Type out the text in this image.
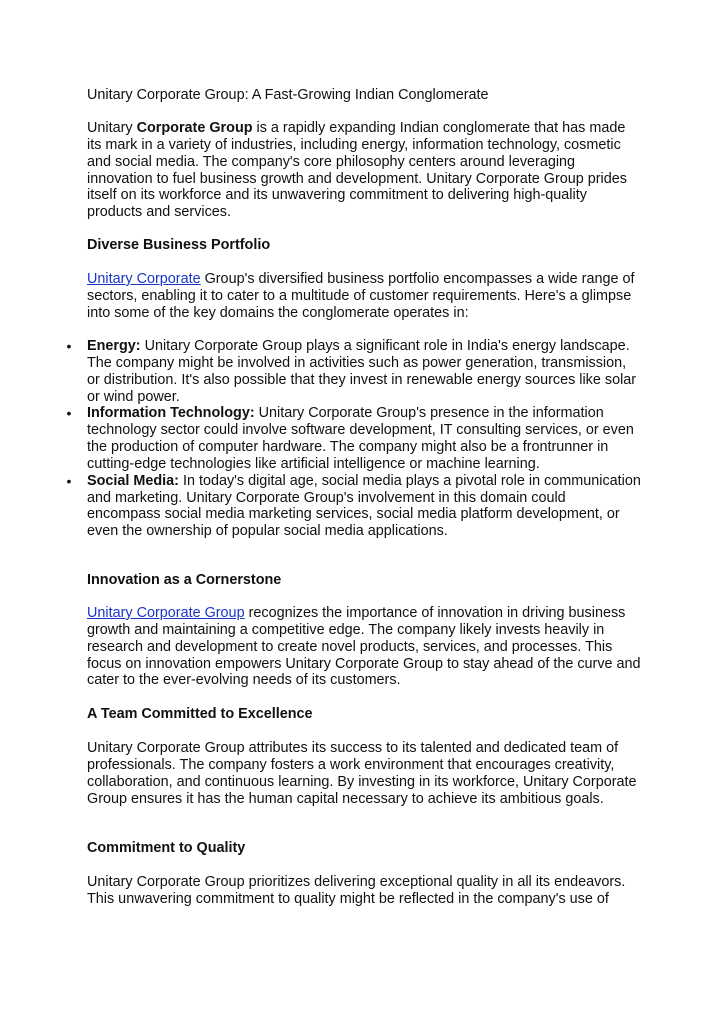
Unitary Corporate Group: A Fast-Growing Indian Conglomerate

Unitary Corporate Group is a rapidly expanding Indian conglomerate that has made its mark in a variety of industries, including energy, information technology, cosmetic and social media. The company's core philosophy centers around leveraging innovation to fuel business growth and development. Unitary Corporate Group prides itself on its workforce and its unwavering commitment to delivering high-quality products and services.

Diverse Business Portfolio

Unitary Corporate Group's diversified business portfolio encompasses a wide range of sectors, enabling it to cater to a multitude of customer requirements. Here's a glimpse into some of the key domains the conglomerate operates in:

• Energy: Unitary Corporate Group plays a significant role in India's energy landscape. The company might be involved in activities such as power generation, transmission, or distribution. It's also possible that they invest in renewable energy sources like solar or wind power.
• Information Technology: Unitary Corporate Group's presence in the information technology sector could involve software development, IT consulting services, or even the production of computer hardware. The company might also be a frontrunner in cutting-edge technologies like artificial intelligence or machine learning.
• Social Media: In today's digital age, social media plays a pivotal role in communication and marketing. Unitary Corporate Group's involvement in this domain could encompass social media marketing services, social media platform development, or even the ownership of popular social media applications.

Innovation as a Cornerstone

Unitary Corporate Group recognizes the importance of innovation in driving business growth and maintaining a competitive edge. The company likely invests heavily in research and development to create novel products, services, and processes. This focus on innovation empowers Unitary Corporate Group to stay ahead of the curve and cater to the ever-evolving needs of its customers.

A Team Committed to Excellence

Unitary Corporate Group attributes its success to its talented and dedicated team of professionals. The company fosters a work environment that encourages creativity, collaboration, and continuous learning. By investing in its workforce, Unitary Corporate Group ensures it has the human capital necessary to achieve its ambitious goals.

Commitment to Quality

Unitary Corporate Group prioritizes delivering exceptional quality in all its endeavors. This unwavering commitment to quality might be reflected in the company's use of
